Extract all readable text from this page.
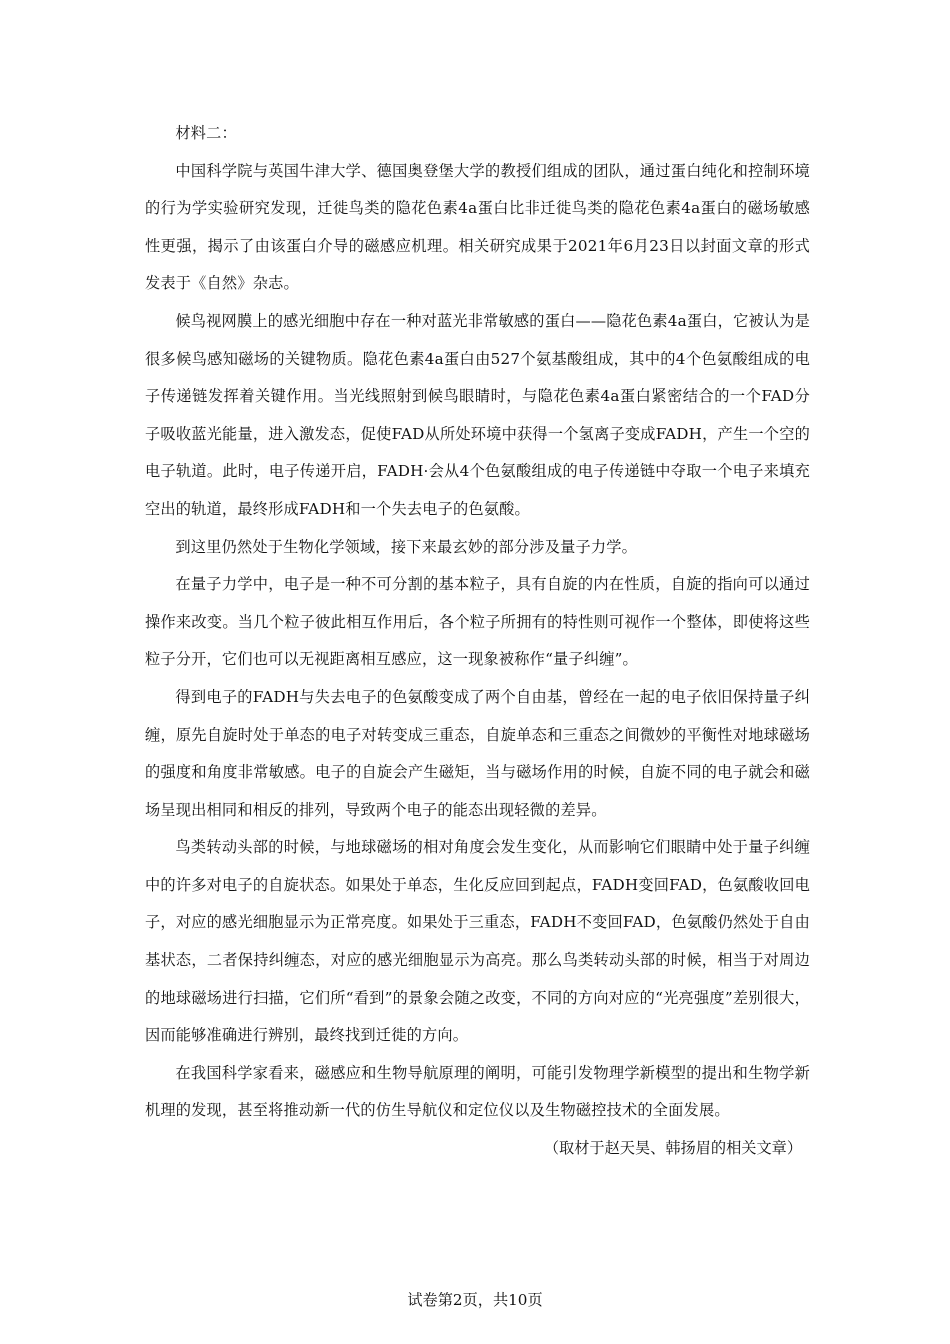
材料二：

中国科学院与英国牛津大学、德国奥登堡大学的教授们组成的团队，通过蛋白纯化和控制环境的行为学实验研究发现，迁徙鸟类的隐花色素4a蛋白比非迁徙鸟类的隐花色素4a蛋白的磁场敏感性更强，揭示了由该蛋白介导的磁感应机理。相关研究成果于2021年6月23日以封面文章的形式发表于《自然》杂志。

候鸟视网膜上的感光细胞中存在一种对蓝光非常敏感的蛋白——隐花色素4a蛋白，它被认为是很多候鸟感知磁场的关键物质。隐花色素4a蛋白由527个氨基酸组成，其中的4个色氨酸组成的电子传递链发挥着关键作用。当光线照射到候鸟眼睛时，与隐花色素4a蛋白紧密结合的一个FAD分子吸收蓝光能量，进入激发态，促使FAD从所处环境中获得一个氢离子变成FADH，产生一个空的电子轨道。此时，电子传递开启，FADH·会从4个色氨酸组成的电子传递链中夺取一个电子来填充空出的轨道，最终形成FADH和一个失去电子的色氨酸。

到这里仍然处于生物化学领域，接下来最玄妙的部分涉及量子力学。

在量子力学中，电子是一种不可分割的基本粒子，具有自旋的内在性质，自旋的指向可以通过操作来改变。当几个粒子彼此相互作用后，各个粒子所拥有的特性则可视作一个整体，即使将这些粒子分开，它们也可以无视距离相互感应，这一现象被称作“量子纠缠”。

得到电子的FADH与失去电子的色氨酸变成了两个自由基，曾经在一起的电子依旧保持量子纠缠，原先自旋时处于单态的电子对转变成三重态，自旋单态和三重态之间微妙的平衡性对地球磁场的强度和角度非常敏感。电子的自旋会产生磁矩，当与磁场作用的时候，自旋不同的电子就会和磁场呈现出相同和相反的排列，导致两个电子的能态出现轻微的差异。

鸟类转动头部的时候，与地球磁场的相对角度会发生变化，从而影响它们眼睛中处于量子纠缠中的许多对电子的自旋状态。如果处于单态，生化反应回到起点，FADH变回FAD，色氨酸收回电子，对应的感光细胞显示为正常亮度。如果处于三重态，FADH不变回FAD，色氨酸仍然处于自由基状态，二者保持纠缠态，对应的感光细胞显示为高亮。那么鸟类转动头部的时候，相当于对周边的地球磁场进行扫描，它们所“看到”的景象会随之改变，不同的方向对应的“光亮强度”差别很大，因而能够准确进行辨别，最终找到迁徙的方向。

在我国科学家看来，磁感应和生物导航原理的阐明，可能引发物理学新模型的提出和生物学新机理的发现，甚至将推动新一代的仿生导航仪和定位仪以及生物磁控技术的全面发展。

（取材于赵天昊、韩扬眉的相关文章）

试卷第2页，共10页
